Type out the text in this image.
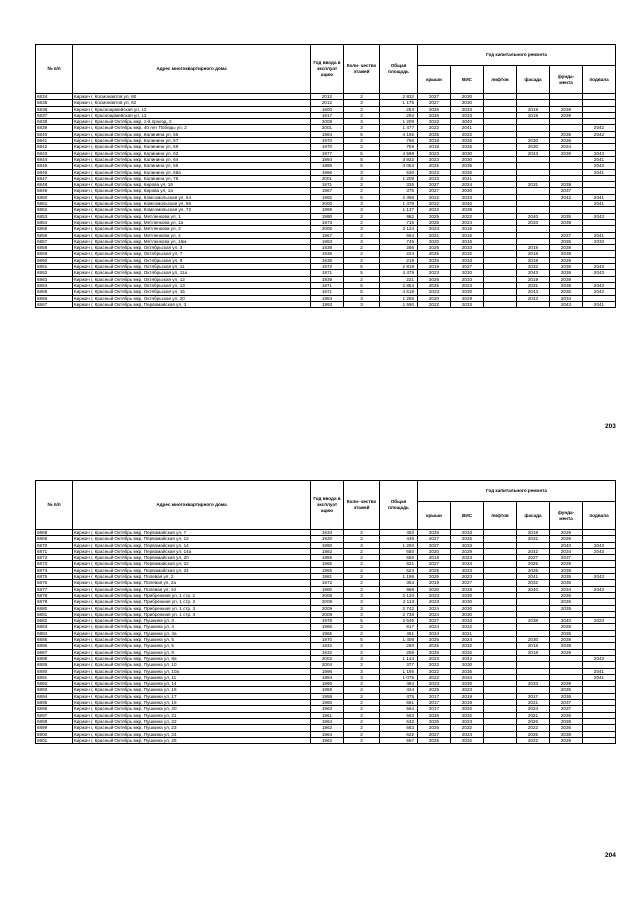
№ п/п	Адрес многоквартирного дома	Год ввода в эксплуат ацию	Коли- чество этажей	Общая площадь	Год капитального ремонта					
					крыши	ВИС	лифтов	фасада	фунда- мента	подвала
6834	Киржач г, Космонавтов ул, 60	2012	2	2 832	2027	2030				
6835	Киржач г, Космонавтов ул, 62	2012	3	1 175	2027	2030				
6836	Киржач г, Красноармейская ул, 12	1800	2	253	2026	2033		2019	2039	
6837	Киржач г, Красноармейская ул, 13	1917	2	292	2026	2033		2019	2039	
6838	Киржач г, Красный Октябрь мкр, 1-й проезд, 2	2008	3	1 209	2022	2040				
6839	Киржач г, Красный Октябрь мкр, 40 лет Победы ул, 2	2001	3	1 477	2022	2041				2042
6840	Киржач г, Красный Октябрь мкр, Калинина ул, 55	1984	5	4 155	2025	2022			2035	2042
6841	Киржач г, Красный Октябрь мкр, Калинина ул, 57	1970	2	766	2018	2026		2030	2036	
6842	Киржач г, Красный Октябрь мкр, Калинина ул, 59	1970	2	759	2018	2026		2030	2034	
6843	Киржач г, Красный Октябрь мкр, Калинина ул, 62	1977	5	4 598	2023	2030		2043	2036	2043
6844	Киржач г, Красный Октябрь мкр, Калинина ул, 64	1994	5	3 922	2023	2030				2041
6845	Киржач г, Красный Октябрь мкр, Калинина ул, 66	1995	5	4 053	2025	2035				2042
6846	Киржач г, Красный Октябрь мкр, Калинина ул, 66а	1996	3	530	2022	2036				2041
6847	Киржач г, Красный Октябрь мкр, Калинина ул, 75	2001	3	1 209	2022	2041				
6848	Киржач г, Красный Октябрь мкр, Кирова ул, 16	1971	2	336	2027	2024		2031	2039	
6849	Киржач г, Красный Октябрь мкр, Кирова ул, 1а	1967	2	376	2027	2030			2037	
6850	Киржач г, Красный Октябрь мкр, Комсомольская ул, 54	1992	5	2 396	2022	2033			2042	2041
6851	Киржач г, Красный Октябрь мкр, Комсомольская ул, 56	2000	3	1 478	2022	2040				2041
6852	Киржач г, Красный Октябрь мкр, Комсомольская ул, 72	1999	3	1 137	2022	2039				
6853	Киржач г, Красный Октябрь мкр, Метленкова ул, 1	1990	2	982	2025	2022		2040	2035	2043
6854	Киржач г, Красный Октябрь мкр, Метленкова ул, 1а	1973	2	715	2025	2024		2033	2039	
6855	Киржач г, Красный Октябрь мкр, Метленкова ул, 2	2006	3	2 124	2023	2016				
6856	Киржач г, Красный Октябрь мкр, Метленкова ул, 4	1967	2	664	2021	2016			2037	2041
6857	Киржач г, Красный Октябрь мкр, Метленкова ул, 16м	1983	3	745	2020	2016			2035	2033
6858	Киржач г, Красный Октябрь мкр, Октябрьская ул, 3	1938	2	286	2026	2033		2019	2039	
6859	Киржач г, Красный Октябрь мкр, Октябрьская ул, 7	1936	2	224	2025	2032		2018	2039	
6860	Киржач г, Красный Октябрь мкр, Октябрьская ул, 8	1936	2	218	2026	2033		2019	2039	
6861	Киржач г, Красный Октябрь мкр, Октябрьская ул, 11	1972	5	2 819	2019	2027		2032	2036	2043
6862	Киржач г, Красный Октябрь мкр, Октябрьская ул, 11а	1971	5	4 479	2023	2030		2043	2036	2043
6863	Киржач г, Красный Октябрь мкр, Октябрьская ул, 12	1939	2	221	2026	2033		2019	2039	
6864	Киржач г, Красный Октябрь мкр, Октябрьская ул, 13	1971	5	2 854	2025	2023		2031	2038	2043
6865	Киржач г, Красный Октябрь мкр, Октябрьская ул, 15	1971	5	4 518	2023	2030		2043	2035	2042
6866	Киржач г, Красный Октябрь мкр, Октябрьская ул, 20	1983	3	1 255	2020	2029		2043	2034	
6867	Киржач г, Красный Октябрь мкр, Первомайская ул, 3	1993	3	1 590	2022	2033			2043	2041
203
№ п/п	Адрес многоквартирного дома	Год ввода в эксплуат ацию	Коли- чество этажей	Общая площадь	Год капитального ремонта					
					крыши	ВИС	лифтов	фасада	фунда- мента	подвала
6868	Киржач г, Красный Октябрь мкр, Первомайская ул, 7	1934	2	452	2026	2033		2019	2039	
6869	Киржач г, Красный Октябрь мкр, Первомайская ул, 12	1920	2	448	2027	2025		2031	2039	
6870	Киржач г, Красный Октябрь мкр, Первомайская ул, 14	1990	3	1 293	2027	2033			2040	2043
6871	Киржач г, Красный Октябрь мкр, Первомайская ул, 14а	1982	2	650	2020	2029		2042	2034	2043
6872	Киржач г, Красный Октябрь мкр, Первомайская ул, 20	1956	2	556	2018	2023		2027	2037	
6873	Киржач г, Красный Октябрь мкр, Первомайская ул, 22	1965	2	631	2027	2024		2025	2039	
6874	Киржач г, Красный Октябрь мкр, Первомайская ул, 24	1965	2	624	2025	2023		2026	2039	
6875	Киржач г, Красный Октябрь мкр, Полевая ул, 2	1981	2	1 198	2025	2023		2041	2035	2043
6876	Киржач г, Красный Октябрь мкр, Полевая ул, 2а	1972	2	353	2019	2027		2032	2036	
6877	Киржач г, Красный Октябрь мкр, Полевая ул, 10	1980	2	968	2020	2028		2040	2034	2043
6878	Киржач г, Красный Октябрь мкр, Прибрежная ул, 1 стр. 1	2008	3	2 120	2023	2030			2036	
6879	Киржач г, Красный Октябрь мкр, Прибрежная ул, 1 стр. 2	2008	3	2 113	2023	2030			2036	
6880	Киржач г, Красный Октябрь мкр, Прибрежная ул, 1 стр. 3	2009	3	2 742	2024	2030			2035	
6881	Киржач г, Красный Октябрь мкр, Прибрежная ул, 1 стр. 4	2009	3	2 738	2024	2030				
6882	Киржач г, Красный Октябрь мкр, Пушкина ул, 3	1978	5	2 645	2027	2033		2038	2040	2024
6883	Киржач г, Красный Октябрь мкр, Пушкина ул, 4	1966	2	617	2024	2022			2035	
6884	Киржач г, Красный Октябрь мкр, Пушкина ул, 4а	1965	2	461	2024	2021			2035	
6885	Киржач г, Красный Октябрь мкр, Пушкина ул, 5	1970	5	1 408	2025	2024		2030	2039	
6886	Киржач г, Красный Октябрь мкр, Пушкина ул, 6	1932	2	260	2025	2032		2018	2039	
6887	Киржач г, Красный Октябрь мкр, Пушкина ул, 8	1932	2	259	2026	2032		2018	2039	
6888	Киржач г, Красный Октябрь мкр, Пушкина ул, 8а	2002	3	1 144	2022	2042				2043
6889	Киржач г, Красный Октябрь мкр, Пушкина ул, 10	2004	2	377	2022	2030				
6890	Киржач г, Красный Октябрь мкр, Пушкина ул, 10а	1996	3	1 195	2022	2035				2041
6891	Киржач г, Красный Октябрь мкр, Пушкина ул, 11	1994	3	1 075	2022	2034				2041
6892	Киржач г, Красный Октябрь мкр, Пушкина ул, 14	1990	2	484	2023	2030		2033	2039	
6893	Киржач г, Красный Октябрь мкр, Пушкина ул, 16	1959	2	424	2025	2023			2035	
6894	Киржач г, Красный Октябрь мкр, Пушкина ул, 17	1958	2	475	2017	2019		2017	2036	
6895	Киржач г, Красный Октябрь мкр, Пушкина ул, 19	1960	2	581	2017	2019		2021	2037	
6896	Киржач г, Красный Октябрь мкр, Пушкина ул, 20	1963	2	564	2017	2020		2024	2037	
6897	Киржач г, Красный Октябрь мкр, Пушкина ул, 21	1961	2	563	2026	2032		2021	2036	
6898	Киржач г, Красный Октябрь мкр, Пушкина ул, 22	1964	2	632	2025	2023		2026	2039	
6899	Киржач г, Красный Октябрь мкр, Пушкина ул, 23	1962	2	563	2026	2032		2022	2036	
6900	Киржач г, Красный Октябрь мкр, Пушкина ул, 24	1964	2	622	2027	2024		2025	2039	
6901	Киржач г, Красный Октябрь мкр, Пушкина ул, 25	1962	2	557	2025	2032		2022	2039	
204
